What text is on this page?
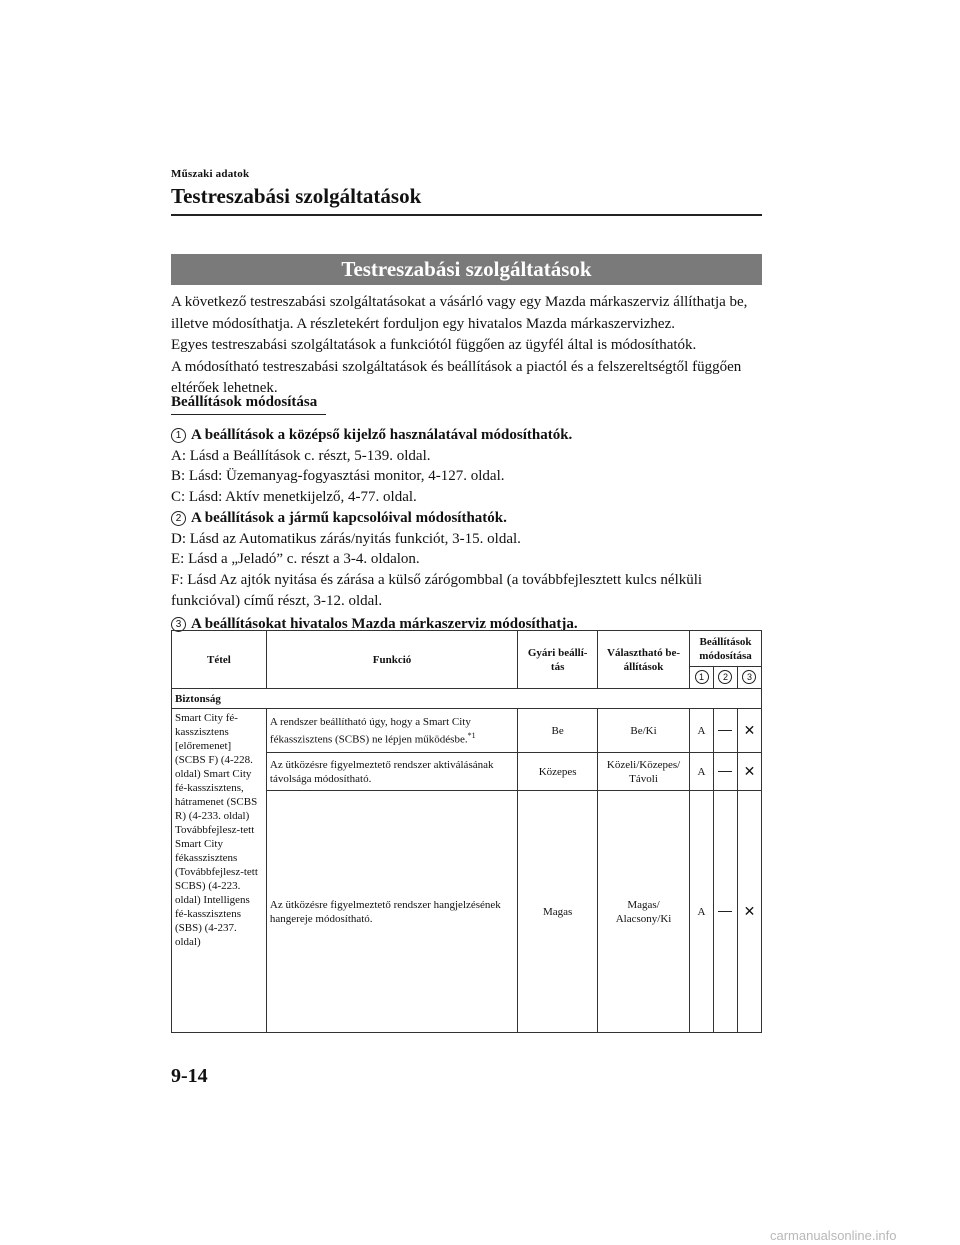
Műszaki adatok
Testreszabási szolgáltatások
Testreszabási szolgáltatások

A következő testreszabási szolgáltatásokat a vásárló vagy egy Mazda márkaszerviz állíthatja be, illetve módosíthatja. A részletekért forduljon egy hivatalos Mazda márkaszervizhez.

Egyes testreszabási szolgáltatások a funkciótól függően az ügyfél által is módosíthatók.

A módosítható testreszabási szolgáltatások és beállítások a piactól és a felszereltségtől függően eltérőek lehetnek.

Beállítások módosítása

1 A beállítások a középső kijelző használatával módosíthatók.

A: Lásd a Beállítások c. részt, 5-139. oldal.

B: Lásd: Üzemanyag-fogyasztási monitor, 4-127. oldal.

C: Lásd: Aktív menetkijelző, 4-77. oldal.

2 A beállítások a jármű kapcsolóival módosíthatók.

D: Lásd az Automatikus zárás/nyitás funkciót, 3-15. oldal.

E: Lásd a „Jeladó” c. részt a 3-4. oldalon.

F: Lásd Az ajtók nyitása és zárása a külső zárógombbal (a továbbfejlesztett kulcs nélküli funkcióval) című részt, 3-12. oldal.

3 A beállításokat hivatalos Mazda márkaszerviz módosíthatja.

Tétel	Funkció	Gyári beállí-tás	Választható be-állítások	Beállítások módosítása		
				1	2	3
Biztonság						
Smart City fé-kasszisztens [előremenet] (SCBS F) (4-228. oldal) Smart City fé-kasszisztens, hátramenet (SCBS R) (4-233. oldal) Továbbfejlesz-tett Smart City fékasszisztens (Továbbfejlesz-tett SCBS) (4-223. oldal) Intelligens fé-kasszisztens (SBS) (4-237. oldal)	A rendszer beállítható úgy, hogy a Smart City fékasszisztens (SCBS) ne lépjen működésbe.$^{*1}$	Be	Be/Ki	A		✕
	Az ütközésre figyelmeztető rendszer aktiválásának távolsága módosítható.	Közepes	Közeli/Közepes/ Távoli	A		✕
	Az ütközésre figyelmeztető rendszer hangjelzésének hangereje módosítható.	Magas	Magas/ Alacsony/Ki	A		✕
9-14
carmanualsonline.info
